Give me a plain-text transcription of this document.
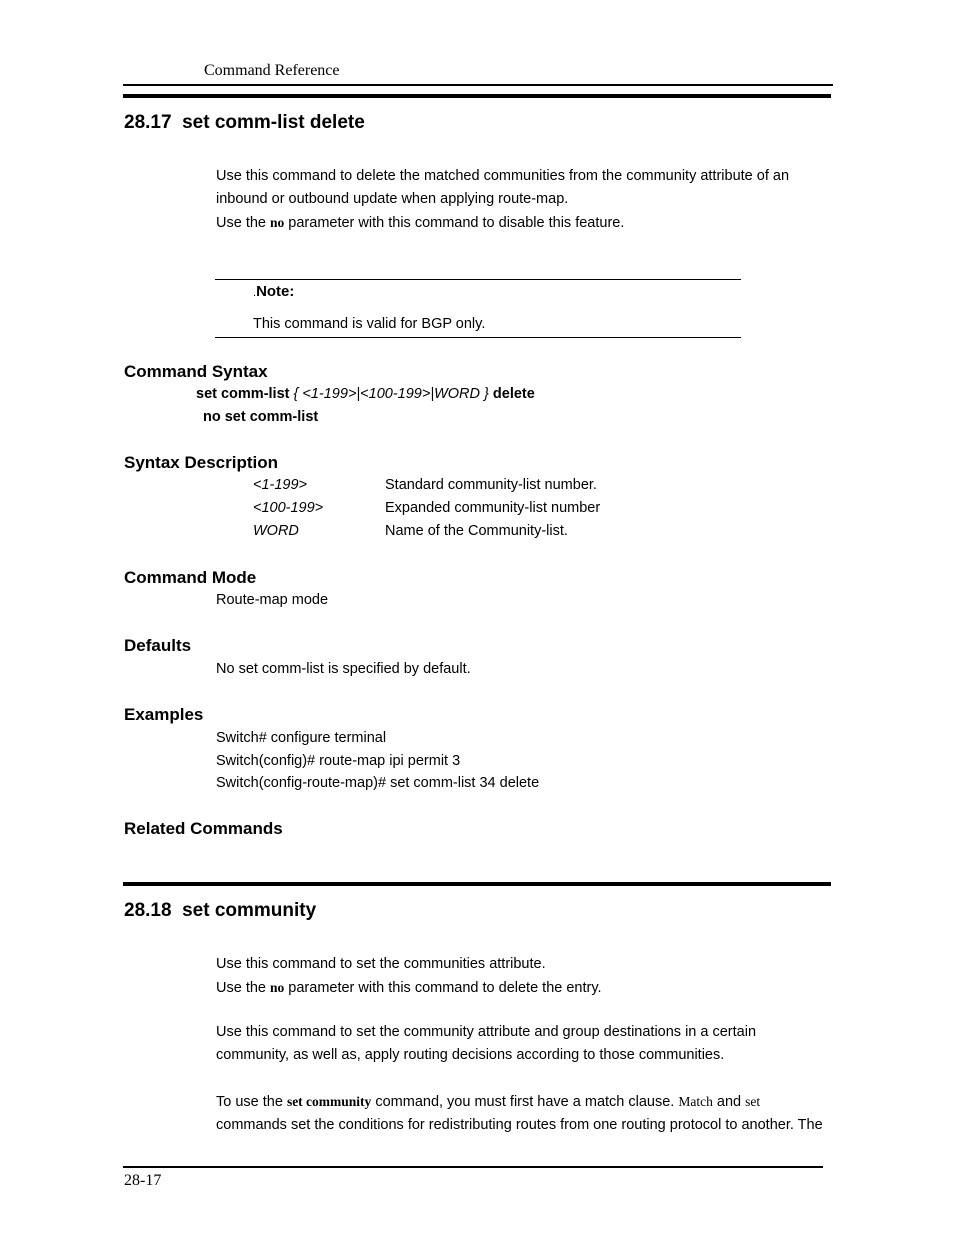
Command Reference
28.17 set comm-list delete
Use this command to delete the matched communities from the community attribute of an
inbound or outbound update when applying route-map.
Use the no parameter with this command to disable this feature.
.Note:
This command is valid for BGP only.
Command Syntax
set comm-list { <1-199>|<100-199>|WORD } delete
no set comm-list
Syntax Description
<1-199>	Standard community-list number.
<100-199>	Expanded community-list number
WORD	Name of the Community-list.
Command Mode
Route-map mode
Defaults
No set comm-list is specified by default.
Examples
Switch# configure terminal
Switch(config)# route-map ipi permit 3
Switch(config-route-map)# set comm-list 34 delete
Related Commands
28.18 set community
Use this command to set the communities attribute.
Use the no parameter with this command to delete the entry.
Use this command to set the community attribute and group destinations in a certain
community, as well as, apply routing decisions according to those communities.
To use the set community command, you must first have a match clause. Match and set
commands set the conditions for redistributing routes from one routing protocol to another. The
28-17
